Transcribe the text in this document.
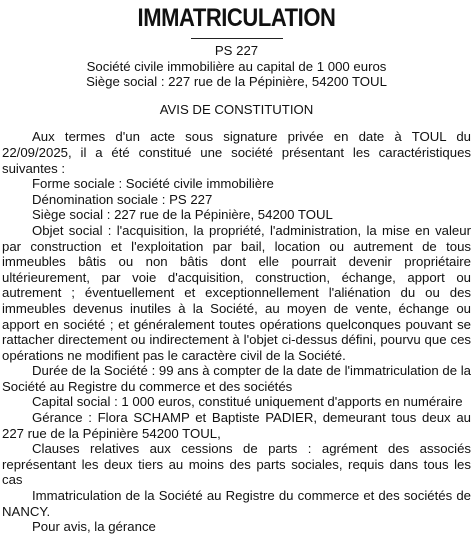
IMMATRICULATION
PS 227
Société civile immobilière au capital de 1 000 euros
Siège social : 227 rue de la Pépinière, 54200 TOUL
AVIS DE CONSTITUTION

Aux termes d'un acte sous signature privée en date à TOUL du 22/09/2025, il a été constitué une société présentant les caractéristiques suivantes :

Forme sociale : Société civile immobilière

Dénomination sociale : PS 227

Siège social : 227 rue de la Pépinière, 54200 TOUL

Objet social : l'acquisition, la propriété, l'administration, la mise en valeur par construction et l'exploitation par bail, location ou autrement de tous immeubles bâtis ou non bâtis dont elle pourrait devenir propriétaire ultérieurement, par voie d'acquisition, construction, échange, apport ou autrement ; éventuellement et exceptionnellement l'aliénation du ou des immeubles devenus inutiles à la Société, au moyen de vente, échange ou apport en société ; et généralement toutes opérations quelconques pouvant se rattacher directement ou indirectement à l'objet ci-dessus défini, pourvu que ces opérations ne modifient pas le caractère civil de la Société.

Durée de la Société : 99 ans à compter de la date de l'immatriculation de la Société au Registre du commerce et des sociétés

Capital social : 1 000 euros, constitué uniquement d'apports en numéraire

Gérance : Flora SCHAMP et Baptiste PADIER, demeurant tous deux au 227 rue de la Pépinière 54200 TOUL,

Clauses relatives aux cessions de parts : agrément des associés représentant les deux tiers au moins des parts sociales, requis dans tous les cas

Immatriculation de la Société au Registre du commerce et des sociétés de NANCY.

Pour avis, la gérance
